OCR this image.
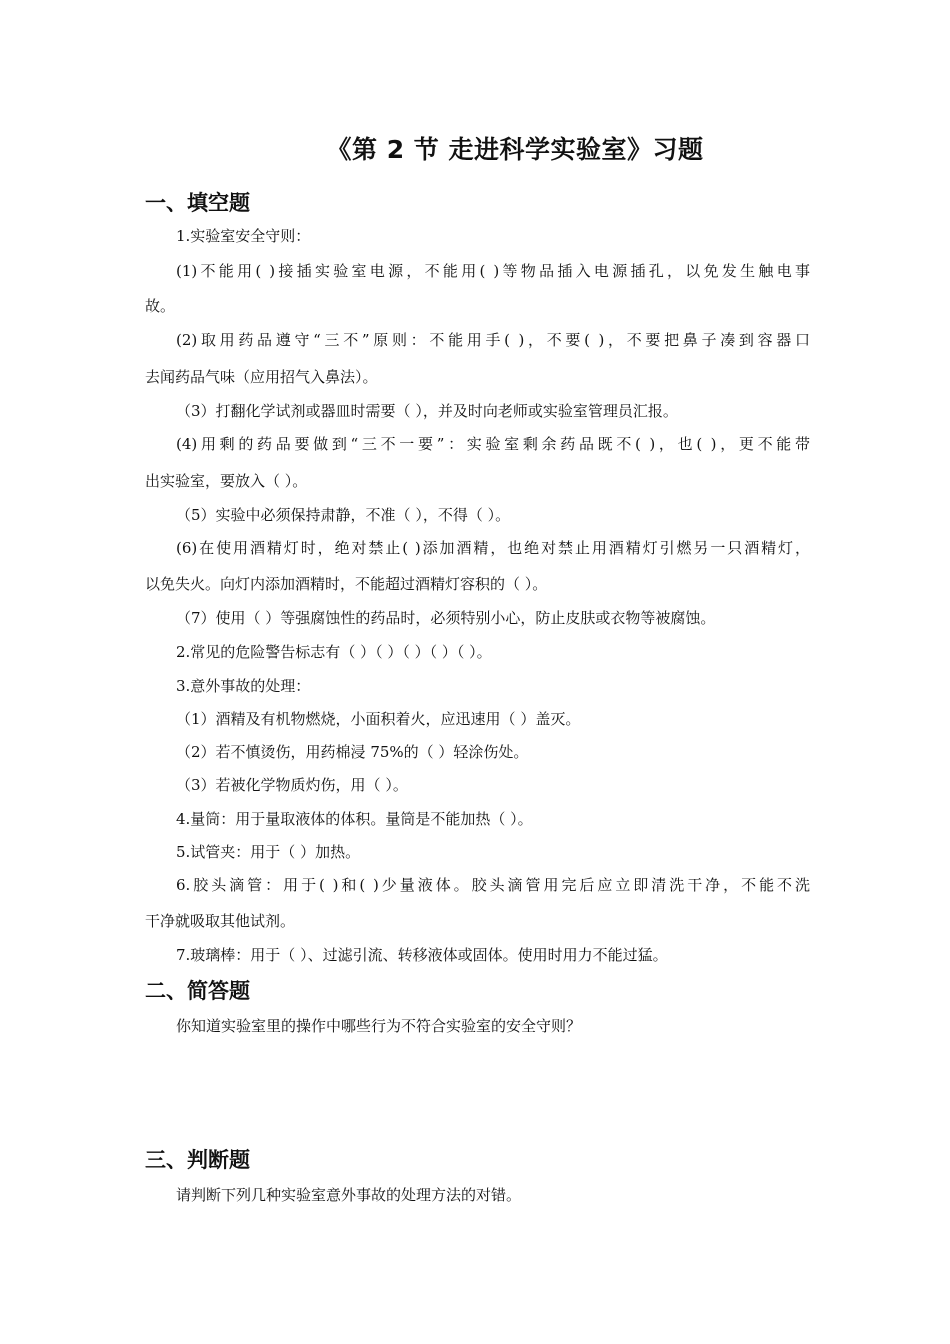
《第 2 节 走进科学实验室》习题
一、填空题
1.实验室安全守则：
(1)不能用( )接插实验室电源，不能用( )等物品插入电源插孔，以免发生触电事
故。
(2)取用药品遵守“三不”原则：不能用手( )，不要( )，不要把鼻子凑到容器口
去闻药品气味（应用招气入鼻法）。
（3）打翻化学试剂或器皿时需要（ ），并及时向老师或实验室管理员汇报。
(4)用剩的药品要做到“三不一要”：实验室剩余药品既不( )，也( )，更不能带
出实验室，要放入（ ）。
（5）实验中必须保持肃静，不准（ ），不得（ ）。
(6)在使用酒精灯时，绝对禁止( )添加酒精，也绝对禁止用酒精灯引燃另一只酒精灯，
以免失火。向灯内添加酒精时，不能超过酒精灯容积的（ ）。
（7）使用（ ）等强腐蚀性的药品时，必须特别小心，防止皮肤或衣物等被腐蚀。
2.常见的危险警告标志有（ ）（ ）（ ）（ ）（ ）。
3.意外事故的处理：
（1）酒精及有机物燃烧，小面积着火，应迅速用（ ）盖灭。
（2）若不慎烫伤，用药棉浸 75%的（ ）轻涂伤处。
（3）若被化学物质灼伤，用（ ）。
4.量筒：用于量取液体的体积。量筒是不能加热（ ）。
5.试管夹：用于（ ）加热。
6.胶头滴管：用于( )和( )少量液体。胶头滴管用完后应立即清洗干净，不能不洗
干净就吸取其他试剂。
7.玻璃棒：用于（ ）、过滤引流、转移液体或固体。使用时用力不能过猛。
二、简答题
你知道实验室里的操作中哪些行为不符合实验室的安全守则？
三、判断题
请判断下列几种实验室意外事故的处理方法的对错。
